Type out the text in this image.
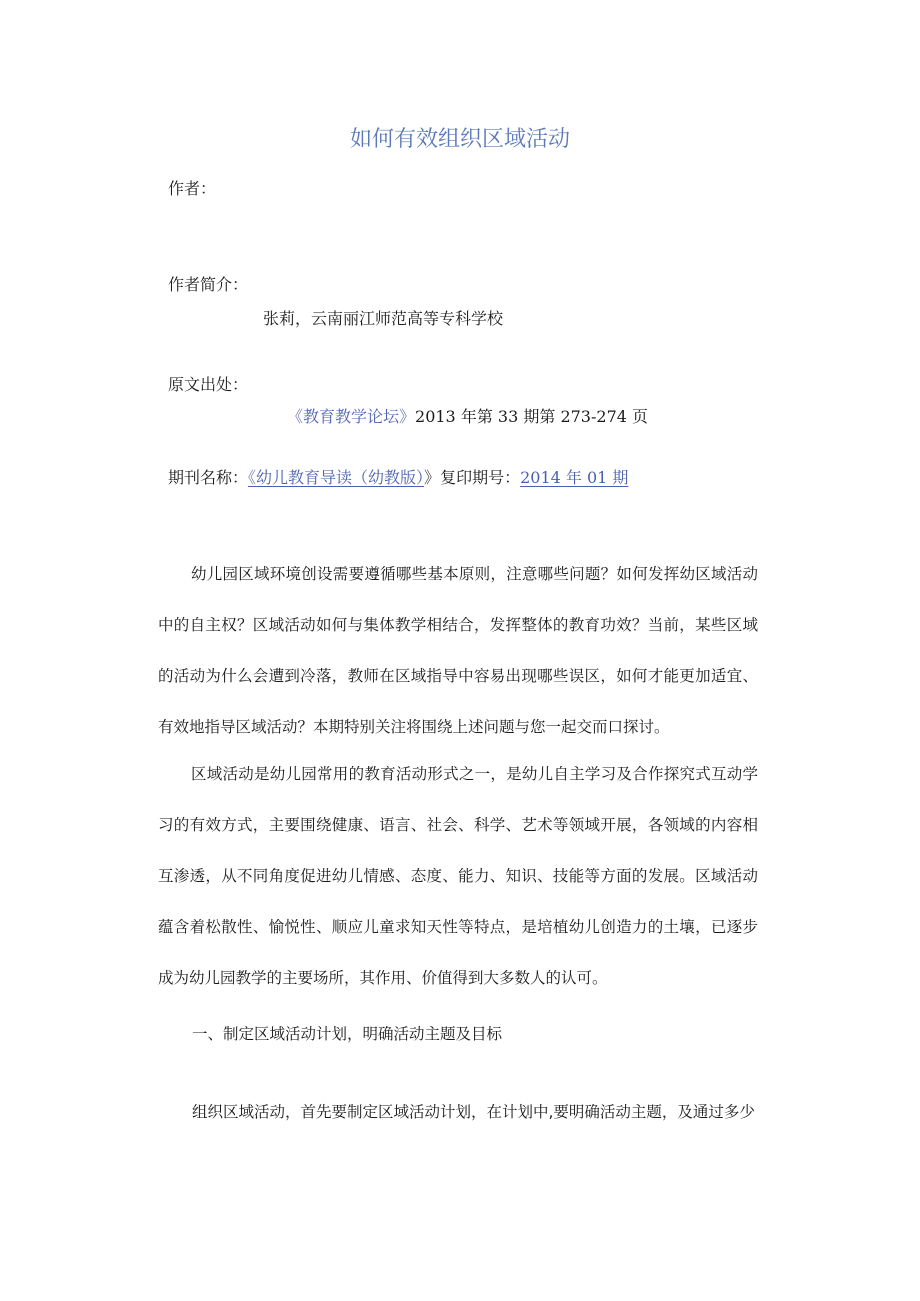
如何有效组织区域活动
作者：
作者简介：
张莉，云南丽江师范高等专科学校
原文出处：
《教育教学论坛》2013 年第 33 期第 273-274 页
期刊名称：《幼儿教育导读（幼教版）》复印期号：2014 年 01 期

幼儿园区域环境创设需要遵循哪些基本原则，注意哪些问题？如何发挥幼区域活动中的自主权？区域活动如何与集体教学相结合，发挥整体的教育功效？当前，某些区域的活动为什么会遭到冷落，教师在区域指导中容易出现哪些误区，如何才能更加适宜、有效地指导区域活动？本期特别关注将围绕上述问题与您一起交而口探讨。

区域活动是幼儿园常用的教育活动形式之一，是幼儿自主学习及合作探究式互动学习的有效方式，主要围绕健康、语言、社会、科学、艺术等领域开展，各领域的内容相互渗透，从不同角度促进幼儿情感、态度、能力、知识、技能等方面的发展。区域活动蕴含着松散性、愉悦性、顺应儿童求知天性等特点，是培植幼儿创造力的土壤，已逐步成为幼儿园教学的主要场所，其作用、价值得到大多数人的认可。

一、制定区域活动计划，明确活动主题及目标
组织区域活动，首先要制定区域活动计划，在计划中,要明确活动主题，及通过多少
